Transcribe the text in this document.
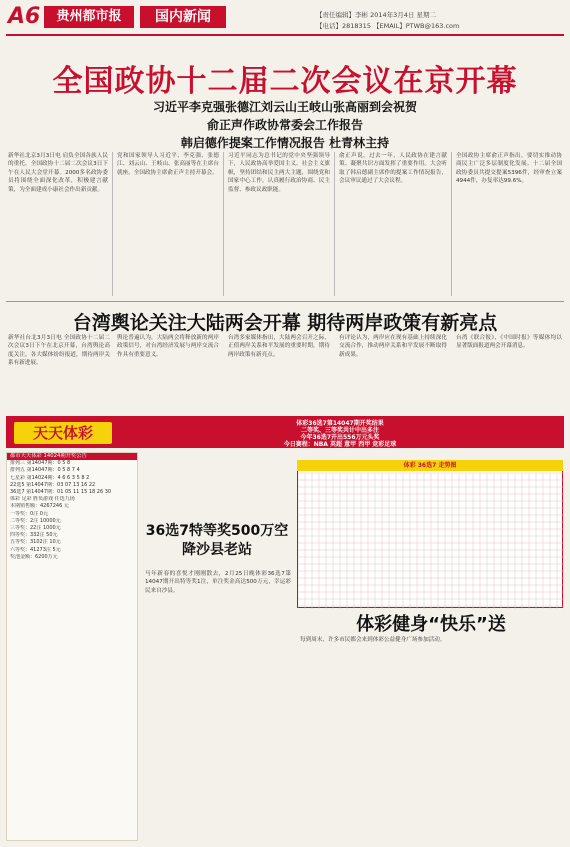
A6	贵州都市报	国内新闻	【责任编辑】李彬 2014年3月4日 星期二
【电话】2818315 【EMAIL】PTWB@163.com
全国政协十二届二次会议在京开幕
习近平李克强张德江刘云山王岐山张高丽到会祝贺
俞正声作政协常委会工作报告
韩启德作提案工作情况报告 杜青林主持
新华社北京3月3日电 肩负全国各族人民的重托，全国政协十二届二次会议3日下午在人民大会堂开幕。2000多名政协委员将围绕全面深化改革，积极建言献策，为全面建成小康社会作出新贡献。
党和国家领导人习近平、李克强、张德江、刘云山、王岐山、张高丽等在主席台就座。全国政协主席俞正声主持开幕会。
习近平同志为总书记的党中央坚强领导下，人民政协高举爱国主义、社会主义旗帜，坚持团结和民主两大主题，围绕党和国家中心工作，认真履行政治协商、民主监督、参政议政职能。
俞正声说，过去一年，人民政协在建言献策、凝聚共识方面发挥了重要作用。大会听取了韩启德副主席作的提案工作情况报告，会议审议通过了大会议程。
全国政协主席俞正声指出，要切实推动协商民主广泛多层制度化发展。十二届全国政协委员共提交提案5396件，经审查立案4944件，办复率达99.6%。
台湾舆论关注大陆两会开幕 期待两岸政策有新亮点
新华社台北3月3日电 全国政协十二届二次会议3日下午在北京开幕，台湾舆论高度关注，各大媒体纷纷报道，期待两岸关系有新进展。
舆论普遍认为，大陆两会将释放新的两岸政策信号，对台湾经济发展与两岸交流合作具有重要意义。
台湾多家媒体指出，大陆两会召开之际，正值两岸关系和平发展的重要时期，期待两岸政策有新亮点。
有评论认为，两岸应在现有基础上持续深化交流合作，推动两岸关系和平发展不断取得新成果。
台湾《联合报》、《中国时报》等媒体均以显著版面报道两会开幕消息。
天天体彩
体彩36选7第14047期开奖结果
二等奖、三等奖共计中出多注
今年36选7开出556万元头奖
今日赛程：NBA 英超 意甲 西甲 竞彩足球
都市天天体彩 14024期开奖公告
排列三 第14047期：0 5 8
排列五 第14047期：0 5 8 7 4
七星彩 第14024期：4 6 6 3 5 8 2
22选5 第14047期：03 07 13 16 22
36选7 第14047期：01 05 11 15 18 26 30
体彩 足彩 胜负游戏 任选九场
本期销售额：4267246 元
一等奖：0注 0元
二等奖：2注 10000元
三等奖：22注 1000元
四等奖：332注 50元
五等奖：3102注 10元
六等奖：41273注 5元
奖池金额：6200万元
36选7特等奖500万空降沙县老站
马年新春的喜悦才刚刚散去，2月25日晚体彩36选7第14047期开出特等奖1注，单注奖金高达500万元，幸运彩民来自沙县。
体彩 36选7 走势图
体彩健身“快乐”送
每到周末，许多市民都会来到体彩公益健身广场参加活动。
